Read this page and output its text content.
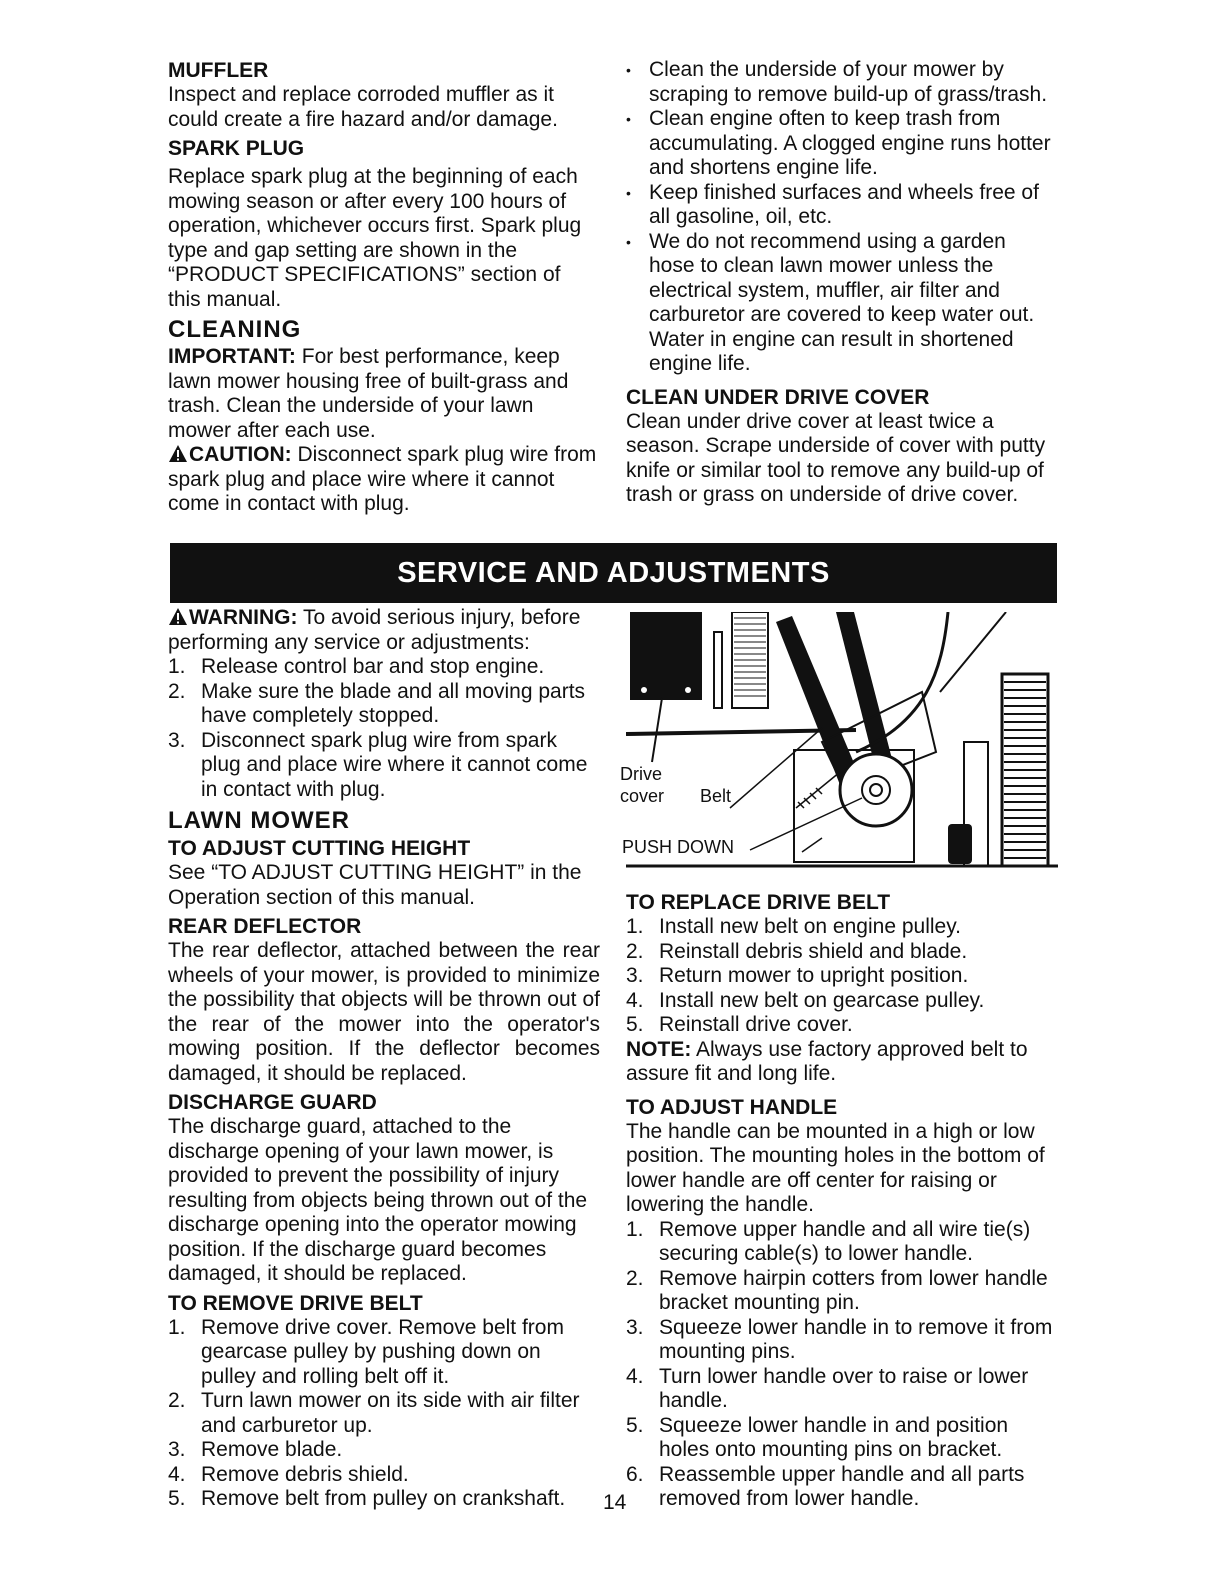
MUFFLER

Inspect and replace corroded muffler as it could create a fire hazard and/or damage.

SPARK PLUG

Replace spark plug at the beginning of each mowing season or after every 100 hours of operation, whichever occurs first. Spark plug type and gap setting are shown in the “PRODUCT SPECIFICATIONS” section of this manual.

CLEANING

IMPORTANT: For best performance, keep lawn mower housing free of built-grass and trash. Clean the underside of your lawn mower after each use.

CAUTION: Disconnect spark plug wire from spark plug and place wire where it cannot come in contact with plug.

• Clean the underside of your mower by scraping to remove build-up of grass/trash.
• Clean engine often to keep trash from accumulating. A clogged engine runs hotter and shortens engine life.
• Keep finished surfaces and wheels free of all gasoline, oil, etc.
• We do not recommend using a garden hose to clean lawn mower unless the electrical system, muffler, air filter and carburetor are covered to keep water out. Water in engine can result in shortened engine life.
CLEAN UNDER DRIVE COVER

Clean under drive cover at least twice a season. Scrape underside of cover with putty knife or similar tool to remove any build-up of trash or grass on underside of drive cover.

SERVICE AND ADJUSTMENTS

WARNING: To avoid serious injury, before performing any service or adjustments:

1. Release control bar and stop engine.
2. Make sure the blade and all moving parts have completely stopped.
3. Disconnect spark plug wire from spark plug and place wire where it cannot come in contact with plug.
LAWN MOWER
TO ADJUST CUTTING HEIGHT

See “TO ADJUST CUTTING HEIGHT” in the Operation section of this manual.

REAR DEFLECTOR

The rear deflector, attached between the rear wheels of your mower, is provided to minimize the possibility that objects will be thrown out of the rear of the mower into the operator's mowing position. If the deflector becomes damaged, it should be replaced.

DISCHARGE GUARD

The discharge guard, attached to the discharge opening of your lawn mower, is provided to prevent the possibility of injury resulting from objects being thrown out of the discharge opening into the operator mowing position. If the discharge guard becomes damaged, it should be replaced.

TO REMOVE DRIVE BELT
1. Remove drive cover. Remove belt from gearcase pulley by pushing down on pulley and rolling belt off it.
2. Turn lawn mower on its side with air filter and carburetor up.
3. Remove blade.
4. Remove debris shield.
5. Remove belt from pulley on crankshaft.
Drive
cover Belt
PUSH DOWN
TO REPLACE DRIVE BELT
1. Install new belt on engine pulley.
2. Reinstall debris shield and blade.
3. Return mower to upright position.
4. Install new belt on gearcase pulley.
5. Reinstall drive cover.

NOTE: Always use factory approved belt to assure fit and long life.

TO ADJUST HANDLE

The handle can be mounted in a high or low position. The mounting holes in the bottom of lower handle are off center for raising or lowering the handle.

1. Remove upper handle and all wire tie(s) securing cable(s) to lower handle.
2. Remove hairpin cotters from lower handle bracket mounting pin.
3. Squeeze lower handle in to remove it from mounting pins.
4. Turn lower handle over to raise or lower handle.
5. Squeeze lower handle in and position holes onto mounting pins on bracket.
6. Reassemble upper handle and all parts removed from lower handle.
14
